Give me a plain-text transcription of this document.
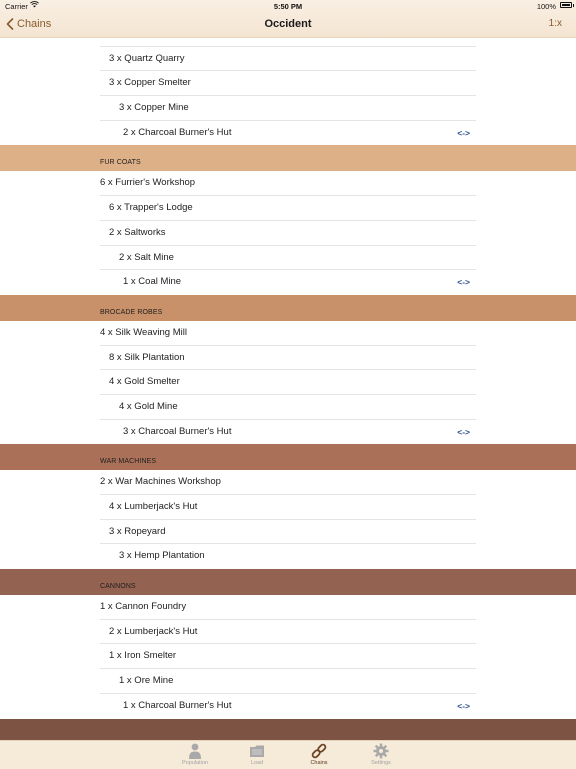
Carrier	5:50 PM	100%
Chains	Occident	1:x
3 x Quartz Quarry
3 x Copper Smelter
3 x Copper Mine
2 x Charcoal Burner's Hut	<->
FUR COATS
6 x Furrier's Workshop
6 x Trapper's Lodge
2 x Saltworks
2 x Salt Mine
1 x Coal Mine	<->
BROCADE ROBES
4 x Silk Weaving Mill
8 x Silk Plantation
4 x Gold Smelter
4 x Gold Mine
3 x Charcoal Burner's Hut	<->
WAR MACHINES
2 x War Machines Workshop
4 x Lumberjack's Hut
3 x Ropeyard
3 x Hemp Plantation
CANNONS
1 x Cannon Foundry
2 x Lumberjack's Hut
1 x Iron Smelter
1 x Ore Mine
1 x Charcoal Burner's Hut	<->
Population	Load	Chains	Settings
